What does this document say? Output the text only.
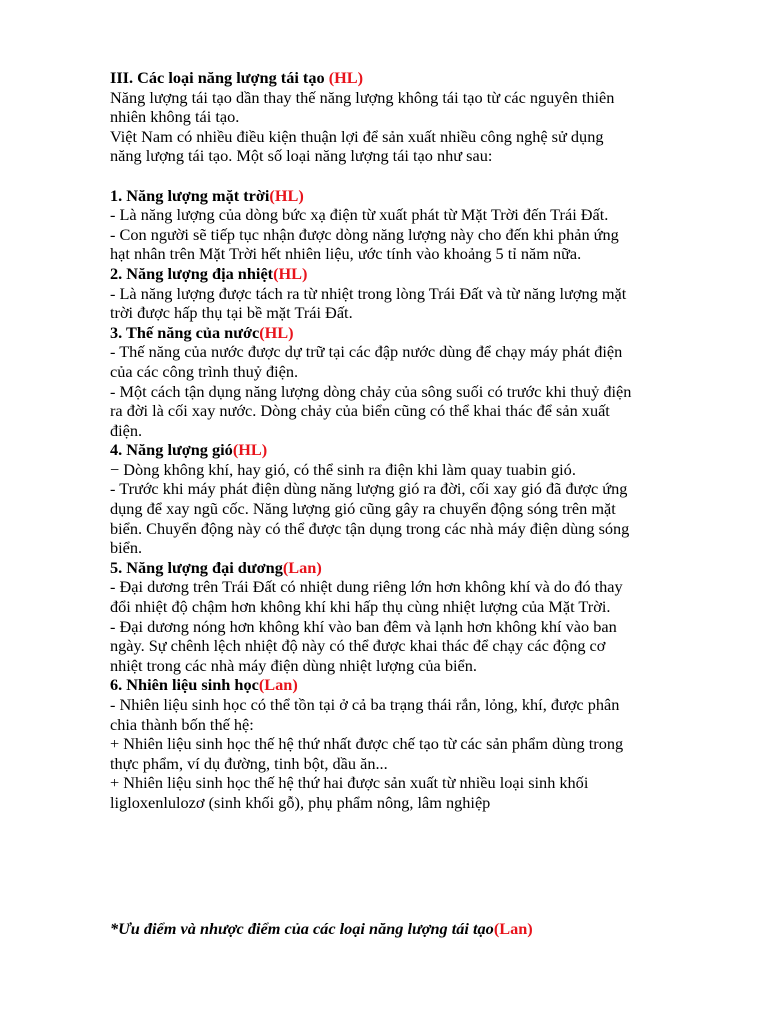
III. Các loại năng lượng tái tạo (HL)
Năng lượng tái tạo dần thay thế năng lượng không tái tạo từ các nguyên thiên
nhiên không tái tạo.
Việt Nam có nhiều điều kiện thuận lợi để sản xuất nhiều công nghệ sử dụng
năng lượng tái tạo. Một số loại năng lượng tái tạo như sau:
1. Năng lượng mặt trời(HL)
- Là năng lượng của dòng bức xạ điện từ xuất phát từ Mặt Trời đến Trái Đất.
- Con người sẽ tiếp tục nhận được dòng năng lượng này cho đến khi phản ứng
hạt nhân trên Mặt Trời hết nhiên liệu, ước tính vào khoảng 5 tỉ năm nữa.
2. Năng lượng địa nhiệt(HL)
- Là năng lượng được tách ra từ nhiệt trong lòng Trái Đất và từ năng lượng mặt
trời được hấp thụ tại bề mặt Trái Đất.
3. Thế năng của nước(HL)
- Thế năng của nước được dự trữ tại các đập nước dùng để chạy máy phát điện
của các công trình thuỷ điện.
- Một cách tận dụng năng lượng dòng chảy của sông suối có trước khi thuỷ điện
ra đời là cối xay nước. Dòng chảy của biển cũng có thể khai thác để sản xuất
điện.
4. Năng lượng gió(HL)
− Dòng không khí, hay gió, có thể sinh ra điện khi làm quay tuabin gió.
- Trước khi máy phát điện dùng năng lượng gió ra đời, cối xay gió đã được ứng
dụng để xay ngũ cốc. Năng lượng gió cũng gây ra chuyển động sóng trên mặt
biển. Chuyển động này có thể được tận dụng trong các nhà máy điện dùng sóng
biển.
5. Năng lượng đại dương(Lan)
- Đại dương trên Trái Đất có nhiệt dung riêng lớn hơn không khí và do đó thay
đổi nhiệt độ chậm hơn không khí khi hấp thụ cùng nhiệt lượng của Mặt Trời.
- Đại dương nóng hơn không khí vào ban đêm và lạnh hơn không khí vào ban
ngày. Sự chênh lệch nhiệt độ này có thể được khai thác để chạy các động cơ
nhiệt trong các nhà máy điện dùng nhiệt lượng của biển.
6. Nhiên liệu sinh học(Lan)
- Nhiên liệu sinh học có thể tồn tại ở cả ba trạng thái rắn, lỏng, khí, được phân
chia thành bốn thế hệ:
+ Nhiên liệu sinh học thế hệ thứ nhất được chế tạo từ các sản phẩm dùng trong
thực phẩm, ví dụ đường, tinh bột, dầu ăn...
+ Nhiên liệu sinh học thế hệ thứ hai được sản xuất từ nhiều loại sinh khối
ligloxenlulozơ (sinh khối gỗ), phụ phẩm nông, lâm nghiệp
*Ưu điểm và nhược điểm của các loại năng lượng tái tạo(Lan)
